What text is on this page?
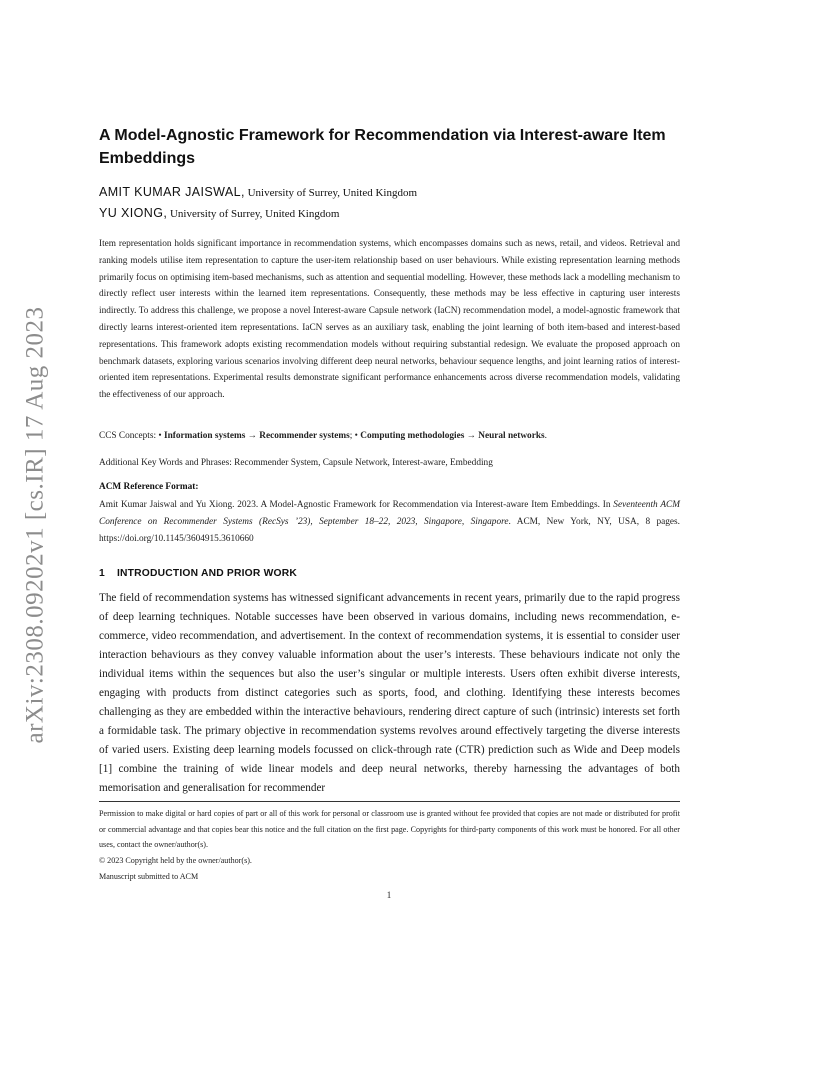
arXiv:2308.09202v1 [cs.IR] 17 Aug 2023
A Model-Agnostic Framework for Recommendation via Interest-aware Item Embeddings
AMIT KUMAR JAISWAL, University of Surrey, United Kingdom
YU XIONG, University of Surrey, United Kingdom
Item representation holds significant importance in recommendation systems, which encompasses domains such as news, retail, and videos. Retrieval and ranking models utilise item representation to capture the user-item relationship based on user behaviours. While existing representation learning methods primarily focus on optimising item-based mechanisms, such as attention and sequential modelling. However, these methods lack a modelling mechanism to directly reflect user interests within the learned item representations. Consequently, these methods may be less effective in capturing user interests indirectly. To address this challenge, we propose a novel Interest-aware Capsule network (IaCN) recommendation model, a model-agnostic framework that directly learns interest-oriented item representations. IaCN serves as an auxiliary task, enabling the joint learning of both item-based and interest-based representations. This framework adopts existing recommendation models without requiring substantial redesign. We evaluate the proposed approach on benchmark datasets, exploring various scenarios involving different deep neural networks, behaviour sequence lengths, and joint learning ratios of interest-oriented item representations. Experimental results demonstrate significant performance enhancements across diverse recommendation models, validating the effectiveness of our approach.
CCS Concepts: • Information systems → Recommender systems; • Computing methodologies → Neural networks.
Additional Key Words and Phrases: Recommender System, Capsule Network, Interest-aware, Embedding
ACM Reference Format:
Amit Kumar Jaiswal and Yu Xiong. 2023. A Model-Agnostic Framework for Recommendation via Interest-aware Item Embeddings. In Seventeenth ACM Conference on Recommender Systems (RecSys ’23), September 18–22, 2023, Singapore, Singapore. ACM, New York, NY, USA, 8 pages. https://doi.org/10.1145/3604915.3610660
1 INTRODUCTION AND PRIOR WORK
The field of recommendation systems has witnessed significant advancements in recent years, primarily due to the rapid progress of deep learning techniques. Notable successes have been observed in various domains, including news recommendation, e-commerce, video recommendation, and advertisement. In the context of recommendation systems, it is essential to consider user interaction behaviours as they convey valuable information about the user’s interests. These behaviours indicate not only the individual items within the sequences but also the user’s singular or multiple interests. Users often exhibit diverse interests, engaging with products from distinct categories such as sports, food, and clothing. Identifying these interests becomes challenging as they are embedded within the interactive behaviours, rendering direct capture of such (intrinsic) interests set forth a formidable task. The primary objective in recommendation systems revolves around effectively targeting the diverse interests of varied users. Existing deep learning models focussed on click-through rate (CTR) prediction such as Wide and Deep models [1] combine the training of wide linear models and deep neural networks, thereby harnessing the advantages of both memorisation and generalisation for recommender
Permission to make digital or hard copies of part or all of this work for personal or classroom use is granted without fee provided that copies are not made or distributed for profit or commercial advantage and that copies bear this notice and the full citation on the first page. Copyrights for third-party components of this work must be honored. For all other uses, contact the owner/author(s).
© 2023 Copyright held by the owner/author(s).
Manuscript submitted to ACM
1
